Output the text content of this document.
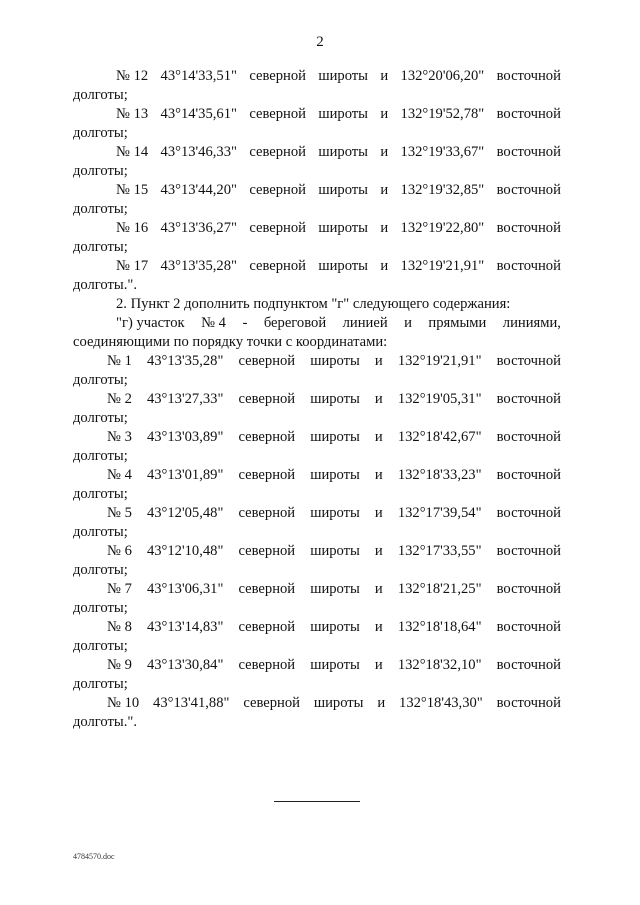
2
№ 12 43°14'33,51" северной широты и 132°20'06,20" восточной
долготы;
№ 13 43°14'35,61" северной широты и 132°19'52,78" восточной
долготы;
№ 14 43°13'46,33" северной широты и 132°19'33,67" восточной
долготы;
№ 15 43°13'44,20" северной широты и 132°19'32,85" восточной
долготы;
№ 16 43°13'36,27" северной широты и 132°19'22,80" восточной
долготы;
№ 17 43°13'35,28" северной широты и 132°19'21,91" восточной
долготы.".
2. Пункт 2 дополнить подпунктом "г" следующего содержания:
"г) участок № 4 - береговой линией и прямыми линиями,
соединяющими по порядку точки с координатами:
№ 1 43°13'35,28" северной широты и 132°19'21,91" восточной
долготы;
№ 2 43°13'27,33" северной широты и 132°19'05,31" восточной
долготы;
№ 3 43°13'03,89" северной широты и 132°18'42,67" восточной
долготы;
№ 4 43°13'01,89" северной широты и 132°18'33,23" восточной
долготы;
№ 5 43°12'05,48" северной широты и 132°17'39,54" восточной
долготы;
№ 6 43°12'10,48" северной широты и 132°17'33,55" восточной
долготы;
№ 7 43°13'06,31" северной широты и 132°18'21,25" восточной
долготы;
№ 8 43°13'14,83" северной широты и 132°18'18,64" восточной
долготы;
№ 9 43°13'30,84" северной широты и 132°18'32,10" восточной
долготы;
№ 10 43°13'41,88" северной широты и 132°18'43,30" восточной
долготы.".
4784570.doc
